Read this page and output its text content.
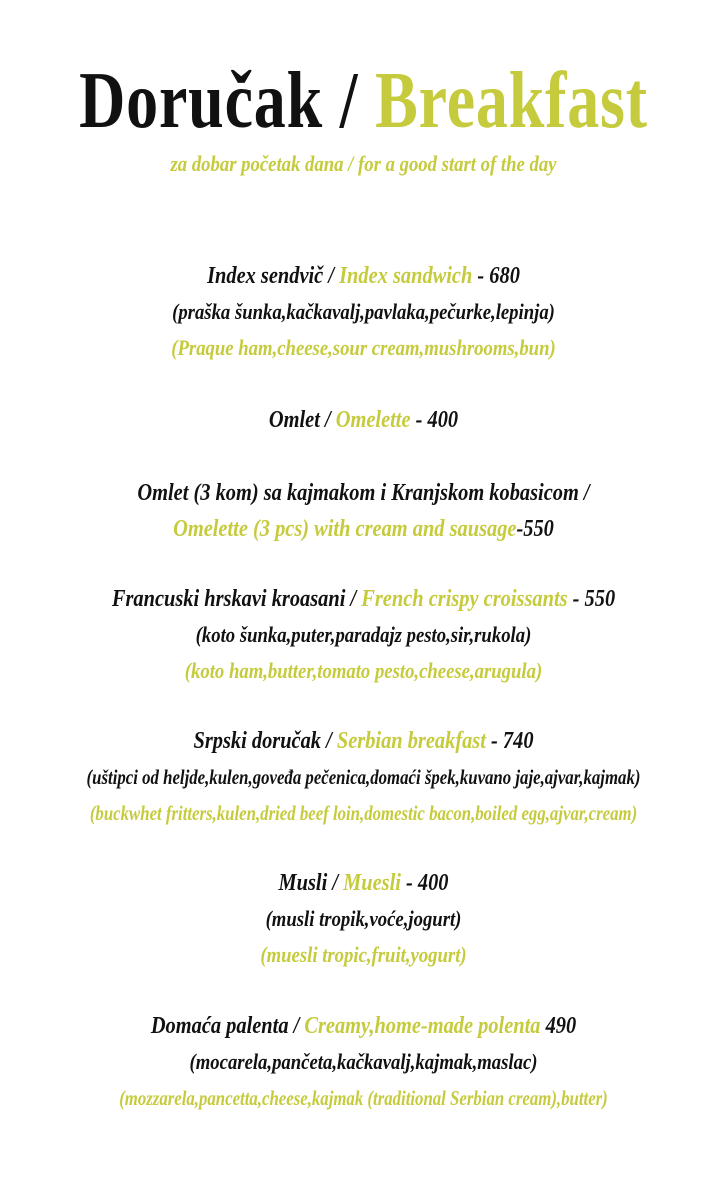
Doručak / Breakfast
za dobar početak dana / for a good start of the day
Index sendvič / Index sandwich - 680
(praška šunka,kačkavalj,pavlaka,pečurke,lepinja)
(Praque ham,cheese,sour cream,mushrooms,bun)
Omlet / Omelette - 400
Omlet (3 kom) sa kajmakom i Kranjskom kobasicom /
Omelette (3 pcs) with cream and sausage-550
Francuski hrskavi kroasani / French crispy croissants - 550
(koto šunka,puter,paradajz pesto,sir,rukola)
(koto ham,butter,tomato pesto,cheese,arugula)
Srpski doručak / Serbian breakfast - 740
(uštipci od heljde,kulen,goveđa pečenica,domaći špek,kuvano jaje,ajvar,kajmak)
(buckwhet fritters,kulen,dried beef loin,domestic bacon,boiled egg,ajvar,cream)
Musli / Muesli - 400
(musli tropik,voće,jogurt)
(muesli tropic,fruit,yogurt)
Domaća palenta / Creamy,home-made polenta 490
(mocarela,pančeta,kačkavalj,kajmak,maslac)
(mozzarela,pancetta,cheese,kajmak (traditional Serbian cream),butter)
